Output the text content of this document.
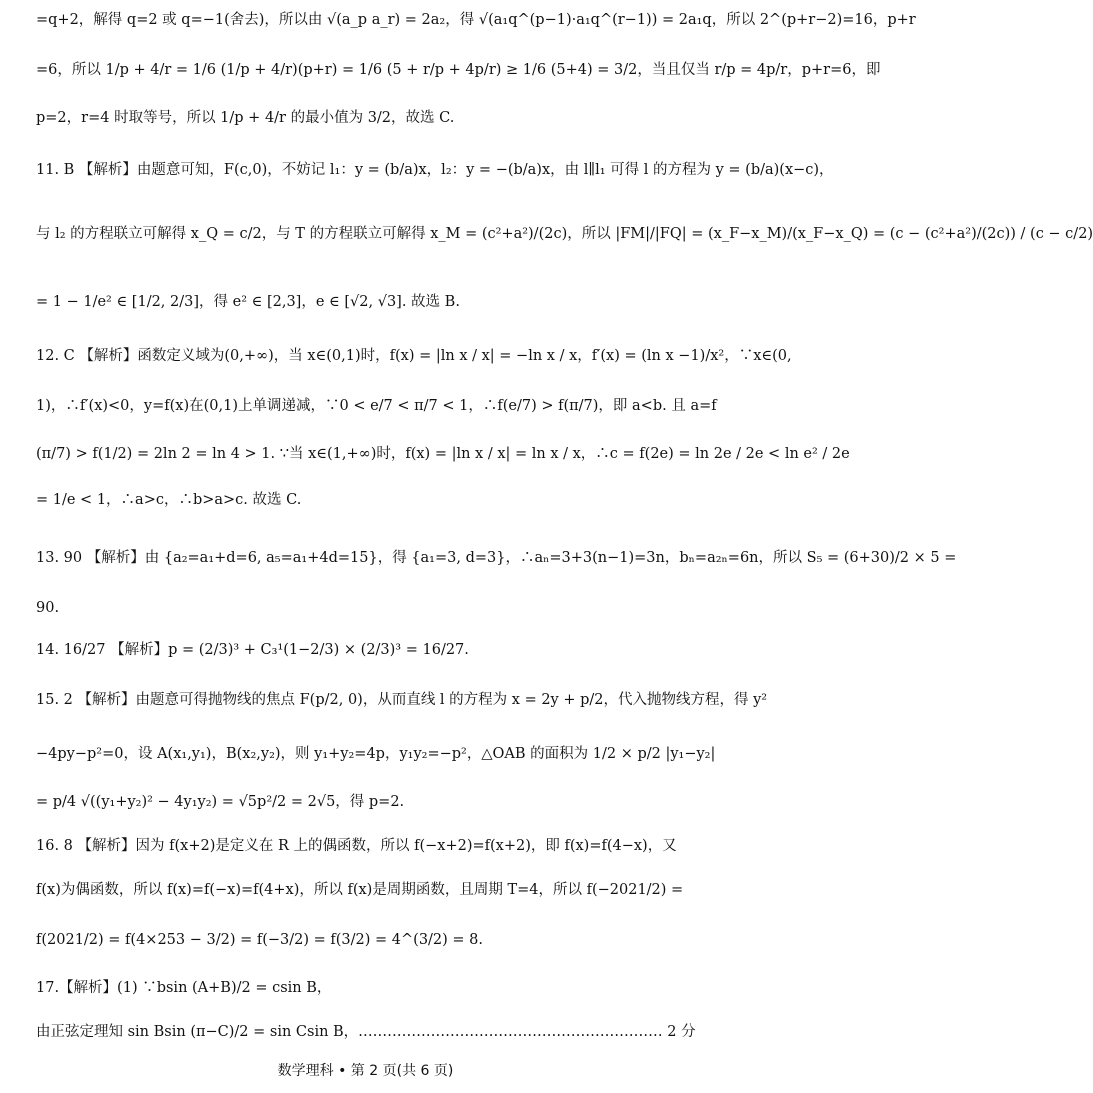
=q+2，解得 q=2 或 q=−1(舍去)，所以由 √(a_p a_r) = 2a₂，得 √(a₁q^(p−1)·a₁q^(r−1)) = 2a₁q，所以 2^(p+r−2)=16，p+r
=6，所以 1/p + 4/r = 1/6 (1/p + 4/r)(p+r) = 1/6 (5 + r/p + 4p/r) ≥ 1/6 (5+4) = 3/2，当且仅当 r/p = 4p/r，p+r=6，即
p=2，r=4 时取等号，所以 1/p + 4/r 的最小值为 3/2，故选 C.
11. B 【解析】由题意可知，F(c,0)，不妨记 l₁：y = (b/a)x，l₂：y = −(b/a)x，由 l∥l₁ 可得 l 的方程为 y = (b/a)(x−c)，
与 l₂ 的方程联立可解得 x_Q = c/2，与 T 的方程联立可解得 x_M = (c²+a²)/(2c)，所以 |FM|/|FQ| = (x_F−x_M)/(x_F−x_Q) = (c − (c²+a²)/(2c)) / (c − c/2)
= 1 − 1/e² ∈ [1/2, 2/3]，得 e² ∈ [2,3]，e ∈ [√2, √3]. 故选 B.
12. C 【解析】函数定义域为(0,+∞)，当 x∈(0,1)时，f(x) = |ln x / x| = −ln x / x，f′(x) = (ln x −1)/x²，∵x∈(0,
1)，∴f′(x)<0，y=f(x)在(0,1)上单调递减，∵0 < e/7 < π/7 < 1，∴f(e/7) > f(π/7)，即 a<b. 且 a=f
(π/7) > f(1/2) = 2ln 2 = ln 4 > 1. ∵当 x∈(1,+∞)时，f(x) = |ln x / x| = ln x / x，∴c = f(2e) = ln 2e / 2e < ln e² / 2e
= 1/e < 1，∴a>c，∴b>a>c. 故选 C.
13. 90 【解析】由 {a₂=a₁+d=6, a₅=a₁+4d=15}，得 {a₁=3, d=3}，∴aₙ=3+3(n−1)=3n，bₙ=a₂ₙ=6n，所以 S₅ = (6+30)/2 × 5 =
90.
14. 16/27 【解析】p = (2/3)³ + C₃¹(1−2/3) × (2/3)³ = 16/27.
15. 2 【解析】由题意可得抛物线的焦点 F(p/2, 0)，从而直线 l 的方程为 x = 2y + p/2，代入抛物线方程，得 y²
−4py−p²=0，设 A(x₁,y₁)，B(x₂,y₂)，则 y₁+y₂=4p，y₁y₂=−p²，△OAB 的面积为 1/2 × p/2 |y₁−y₂|
= p/4 √((y₁+y₂)² − 4y₁y₂) = √5p²/2 = 2√5，得 p=2.
16. 8 【解析】因为 f(x+2)是定义在 R 上的偶函数，所以 f(−x+2)=f(x+2)，即 f(x)=f(4−x)，又
f(x)为偶函数，所以 f(x)=f(−x)=f(4+x)，所以 f(x)是周期函数，且周期 T=4，所以 f(−2021/2) =
f(2021/2) = f(4×253 − 3/2) = f(−3/2) = f(3/2) = 4^(3/2) = 8.
17.【解析】(1) ∵bsin (A+B)/2 = csin B，
由正弦定理知 sin Bsin (π−C)/2 = sin Csin B，……………………………………………………… 2 分
数学理科 • 第 2 页(共 6 页)
